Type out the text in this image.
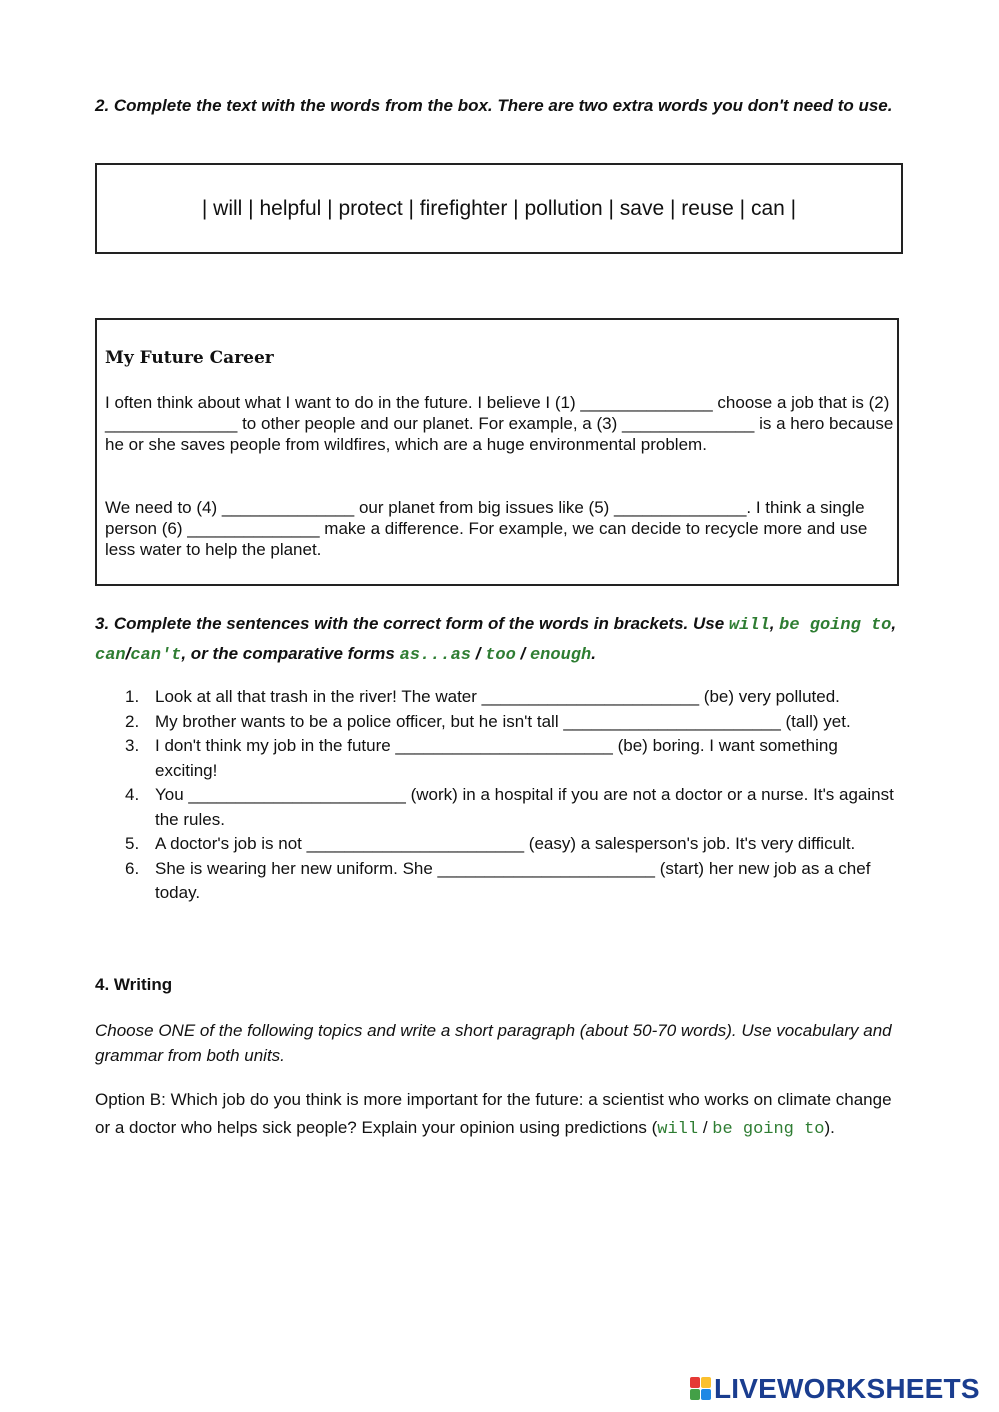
2. Complete the text with the words from the box. There are two extra words you don't need to use.
| will | helpful | protect | firefighter | pollution | save | reuse | can |
My Future Career
I often think about what I want to do in the future. I believe I (1) ______________ choose a job that is (2) ______________ to other people and our planet. For example, a (3) ______________ is a hero because he or she saves people from wildfires, which are a huge environmental problem.
We need to (4) ______________ our planet from big issues like (5) ______________. I think a single person (6) ______________ make a difference. For example, we can decide to recycle more and use less water to help the planet.
3. Complete the sentences with the correct form of the words in brackets. Use will, be going to, can/can't, or the comparative forms as...as / too / enough.
1. Look at all that trash in the river! The water _______________________ (be) very polluted.
2. My brother wants to be a police officer, but he isn't tall _______________________ (tall) yet.
3. I don't think my job in the future _______________________ (be) boring. I want something exciting!
4. You _______________________ (work) in a hospital if you are not a doctor or a nurse. It's against the rules.
5. A doctor's job is not _______________________ (easy) a salesperson's job. It's very difficult.
6. She is wearing her new uniform. She _______________________ (start) her new job as a chef today.
4. Writing
Choose ONE of the following topics and write a short paragraph (about 50-70 words). Use vocabulary and grammar from both units.
Option B: Which job do you think is more important for the future: a scientist who works on climate change or a doctor who helps sick people? Explain your opinion using predictions (will / be going to).
LIVEWORKSHEETS
